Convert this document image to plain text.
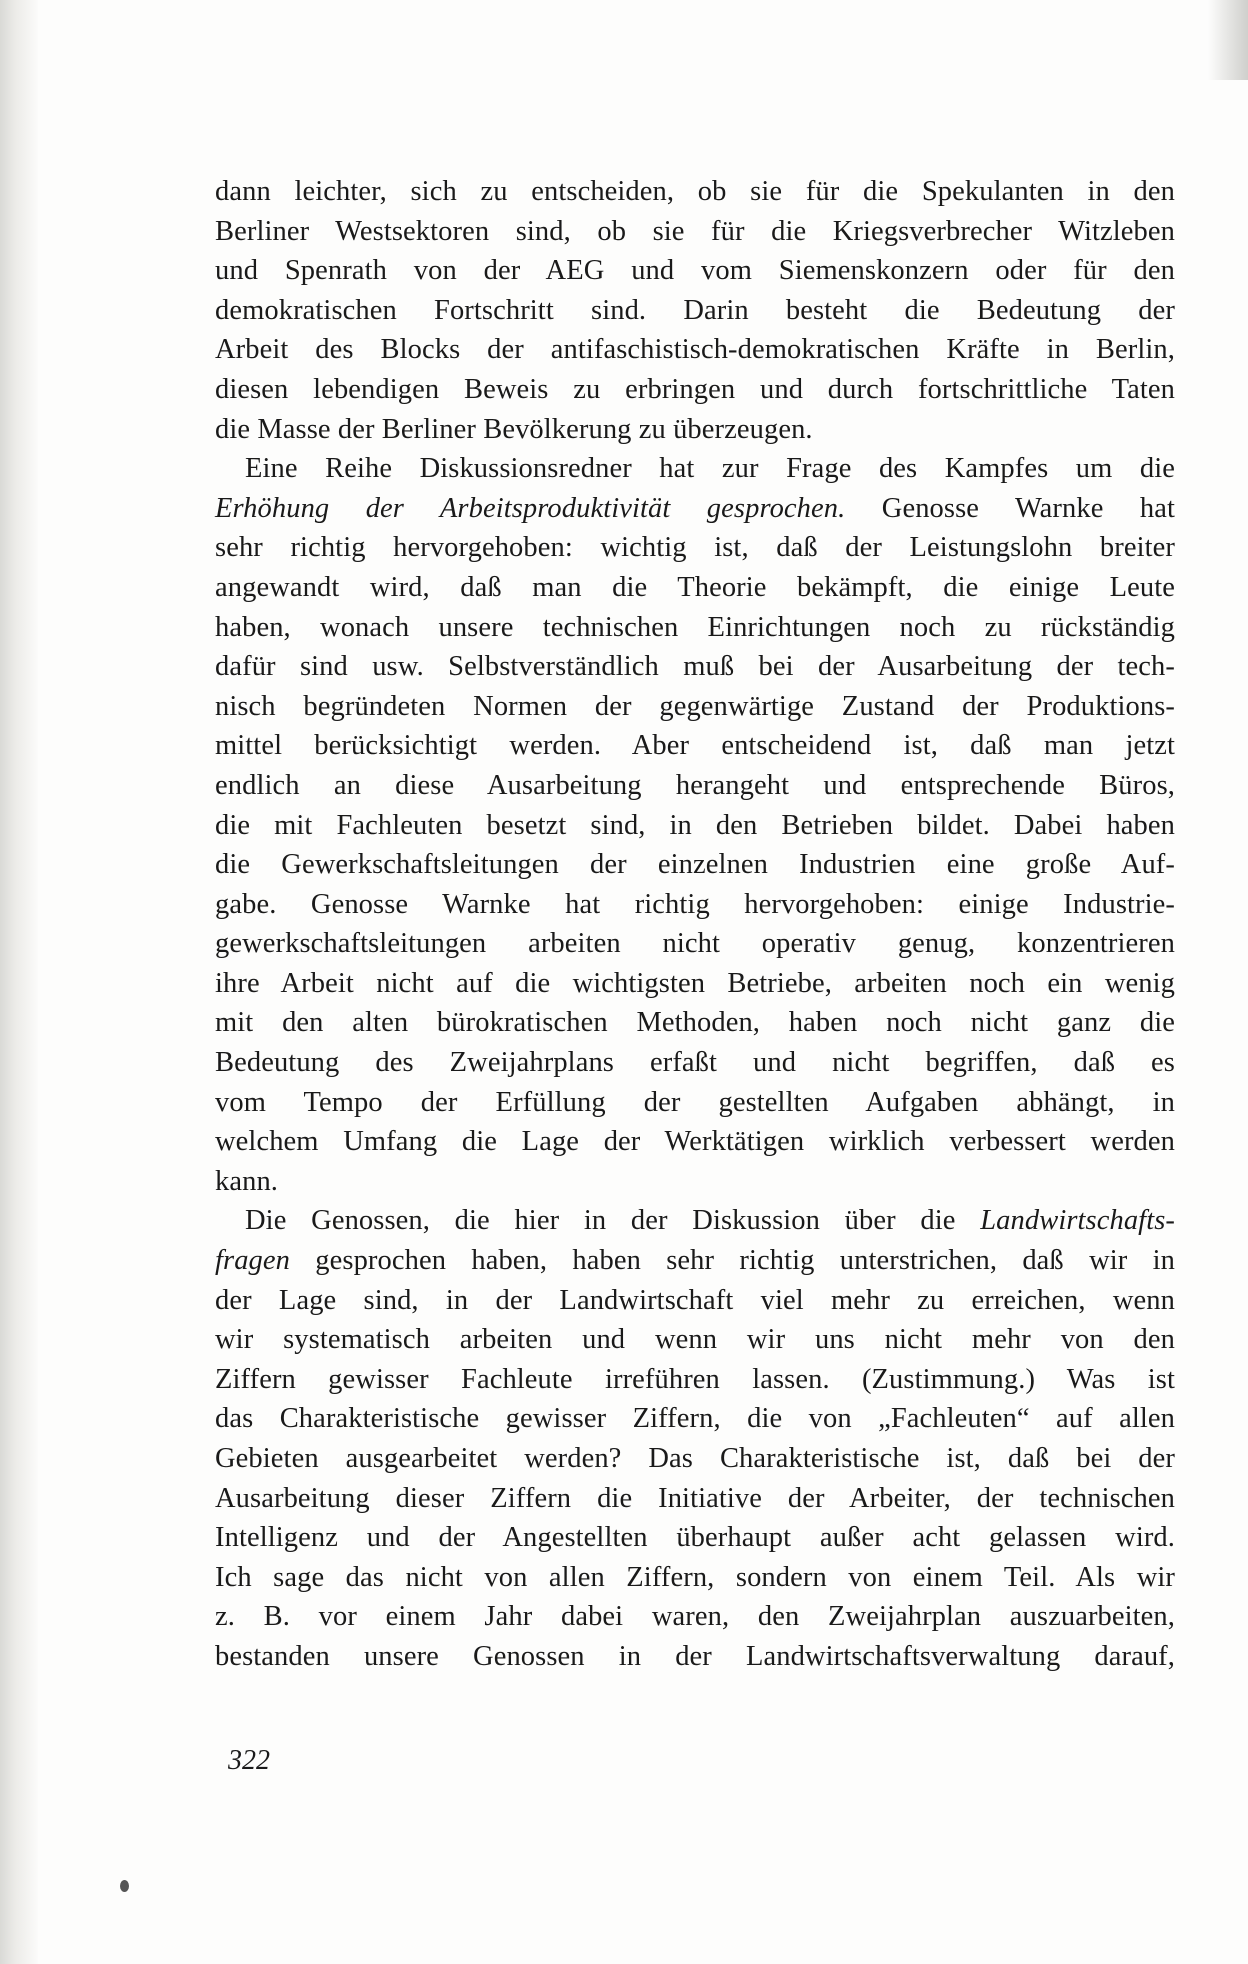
dann leichter, sich zu entscheiden, ob sie für die Spekulanten in den
Berliner Westsektoren sind, ob sie für die Kriegsverbrecher Witzleben
und Spenrath von der AEG und vom Siemenskonzern oder für den
demokratischen Fortschritt sind. Darin besteht die Bedeutung der
Arbeit des Blocks der antifaschistisch-demokratischen Kräfte in Berlin,
diesen lebendigen Beweis zu erbringen und durch fortschrittliche Taten
die Masse der Berliner Bevölkerung zu überzeugen.
Eine Reihe Diskussionsredner hat zur Frage des Kampfes um die
Erhöhung der Arbeitsproduktivität gesprochen. Genosse Warnke hat
sehr richtig hervorgehoben: wichtig ist, daß der Leistungslohn breiter
angewandt wird, daß man die Theorie bekämpft, die einige Leute
haben, wonach unsere technischen Einrichtungen noch zu rückständig
dafür sind usw. Selbstverständlich muß bei der Ausarbeitung der tech-
nisch begründeten Normen der gegenwärtige Zustand der Produktions-
mittel berücksichtigt werden. Aber entscheidend ist, daß man jetzt
endlich an diese Ausarbeitung herangeht und entsprechende Büros,
die mit Fachleuten besetzt sind, in den Betrieben bildet. Dabei haben
die Gewerkschaftsleitungen der einzelnen Industrien eine große Auf-
gabe. Genosse Warnke hat richtig hervorgehoben: einige Industrie-
gewerkschaftsleitungen arbeiten nicht operativ genug, konzentrieren
ihre Arbeit nicht auf die wichtigsten Betriebe, arbeiten noch ein wenig
mit den alten bürokratischen Methoden, haben noch nicht ganz die
Bedeutung des Zweijahrplans erfaßt und nicht begriffen, daß es
vom Tempo der Erfüllung der gestellten Aufgaben abhängt, in
welchem Umfang die Lage der Werktätigen wirklich verbessert werden
kann.
Die Genossen, die hier in der Diskussion über die Landwirtschafts-
fragen gesprochen haben, haben sehr richtig unterstrichen, daß wir in
der Lage sind, in der Landwirtschaft viel mehr zu erreichen, wenn
wir systematisch arbeiten und wenn wir uns nicht mehr von den
Ziffern gewisser Fachleute irreführen lassen. (Zustimmung.) Was ist
das Charakteristische gewisser Ziffern, die von „Fachleuten“ auf allen
Gebieten ausgearbeitet werden? Das Charakteristische ist, daß bei der
Ausarbeitung dieser Ziffern die Initiative der Arbeiter, der technischen
Intelligenz und der Angestellten überhaupt außer acht gelassen wird.
Ich sage das nicht von allen Ziffern, sondern von einem Teil. Als wir
z. B. vor einem Jahr dabei waren, den Zweijahrplan auszuarbeiten,
bestanden unsere Genossen in der Landwirtschaftsverwaltung darauf,
322
